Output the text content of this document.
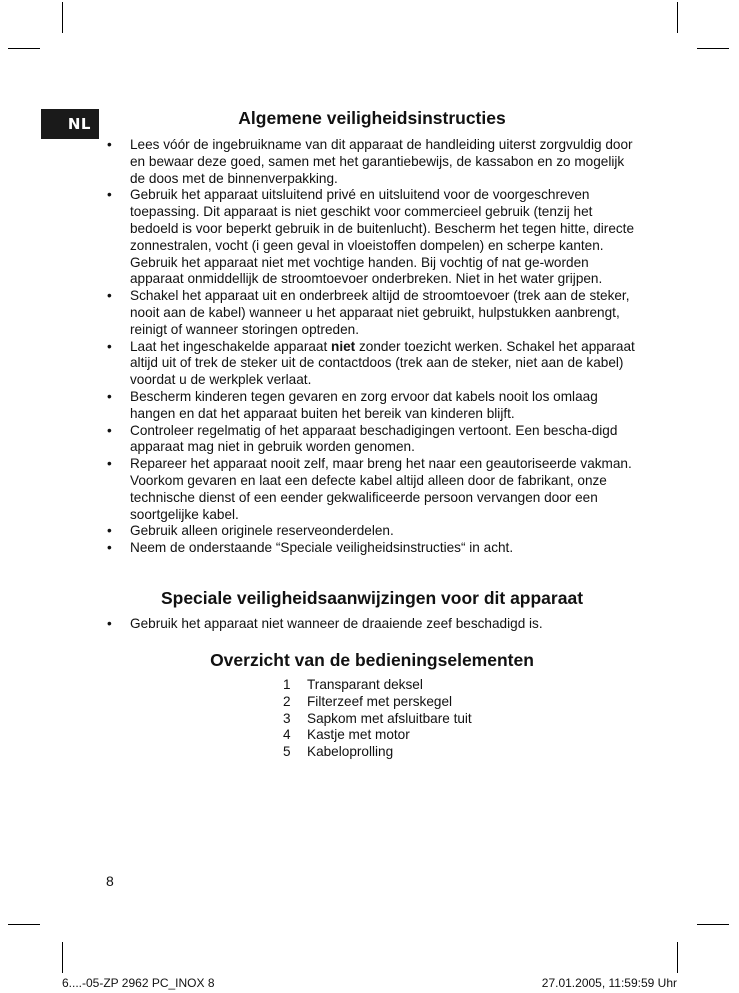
NL	Algemene veiligheidsinstructies
• Lees vóór de ingebruikname van dit apparaat de handleiding uiterst zorgvuldig door en bewaar deze goed, samen met het garantiebewijs, de kassabon en zo mogelijk de doos met de binnenverpakking.
• Gebruik het apparaat uitsluitend privé en uitsluitend voor de voorgeschreven toepassing. Dit apparaat is niet geschikt voor commercieel gebruik (tenzij het bedoeld is voor beperkt gebruik in de buitenlucht). Bescherm het tegen hitte, directe zonnestralen, vocht (i geen geval in vloeistoffen dompelen) en scherpe kanten. Gebruik het apparaat niet met vochtige handen. Bij vochtig of nat ge-worden apparaat onmiddellijk de stroomtoevoer onderbreken. Niet in het water grijpen.
• Schakel het apparaat uit en onderbreek altijd de stroomtoevoer (trek aan de steker, nooit aan de kabel) wanneer u het apparaat niet gebruikt, hulpstukken aanbrengt, reinigt of wanneer storingen optreden.
• Laat het ingeschakelde apparaat niet zonder toezicht werken. Schakel het apparaat altijd uit of trek de steker uit de contactdoos (trek aan de steker, niet aan de kabel) voordat u de werkplek verlaat.
• Bescherm kinderen tegen gevaren en zorg ervoor dat kabels nooit los omlaag hangen en dat het apparaat buiten het bereik van kinderen blijft.
• Controleer regelmatig of het apparaat beschadigingen vertoont. Een bescha-digd apparaat mag niet in gebruik worden genomen.
• Repareer het apparaat nooit zelf, maar breng het naar een geautoriseerde vakman. Voorkom gevaren en laat een defecte kabel altijd alleen door de fabrikant, onze technische dienst of een eender gekwalificeerde persoon vervangen door een soortgelijke kabel.
• Gebruik alleen originele reserveonderdelen.
• Neem de onderstaande “Speciale veiligheidsinstructies“ in acht.
Speciale veiligheidsaanwijzingen voor dit apparaat
• Gebruik het apparaat niet wanneer de draaiende zeef beschadigd is.
Overzicht van de bedieningselementen
1	Transparant deksel
2	Filterzeef met perskegel
3	Sapkom met afsluitbare tuit
4	Kastje met motor
5	Kabeloprolling
8
6....-05-ZP 2962 PC_INOX 8	27.01.2005, 11:59:59 Uhr
